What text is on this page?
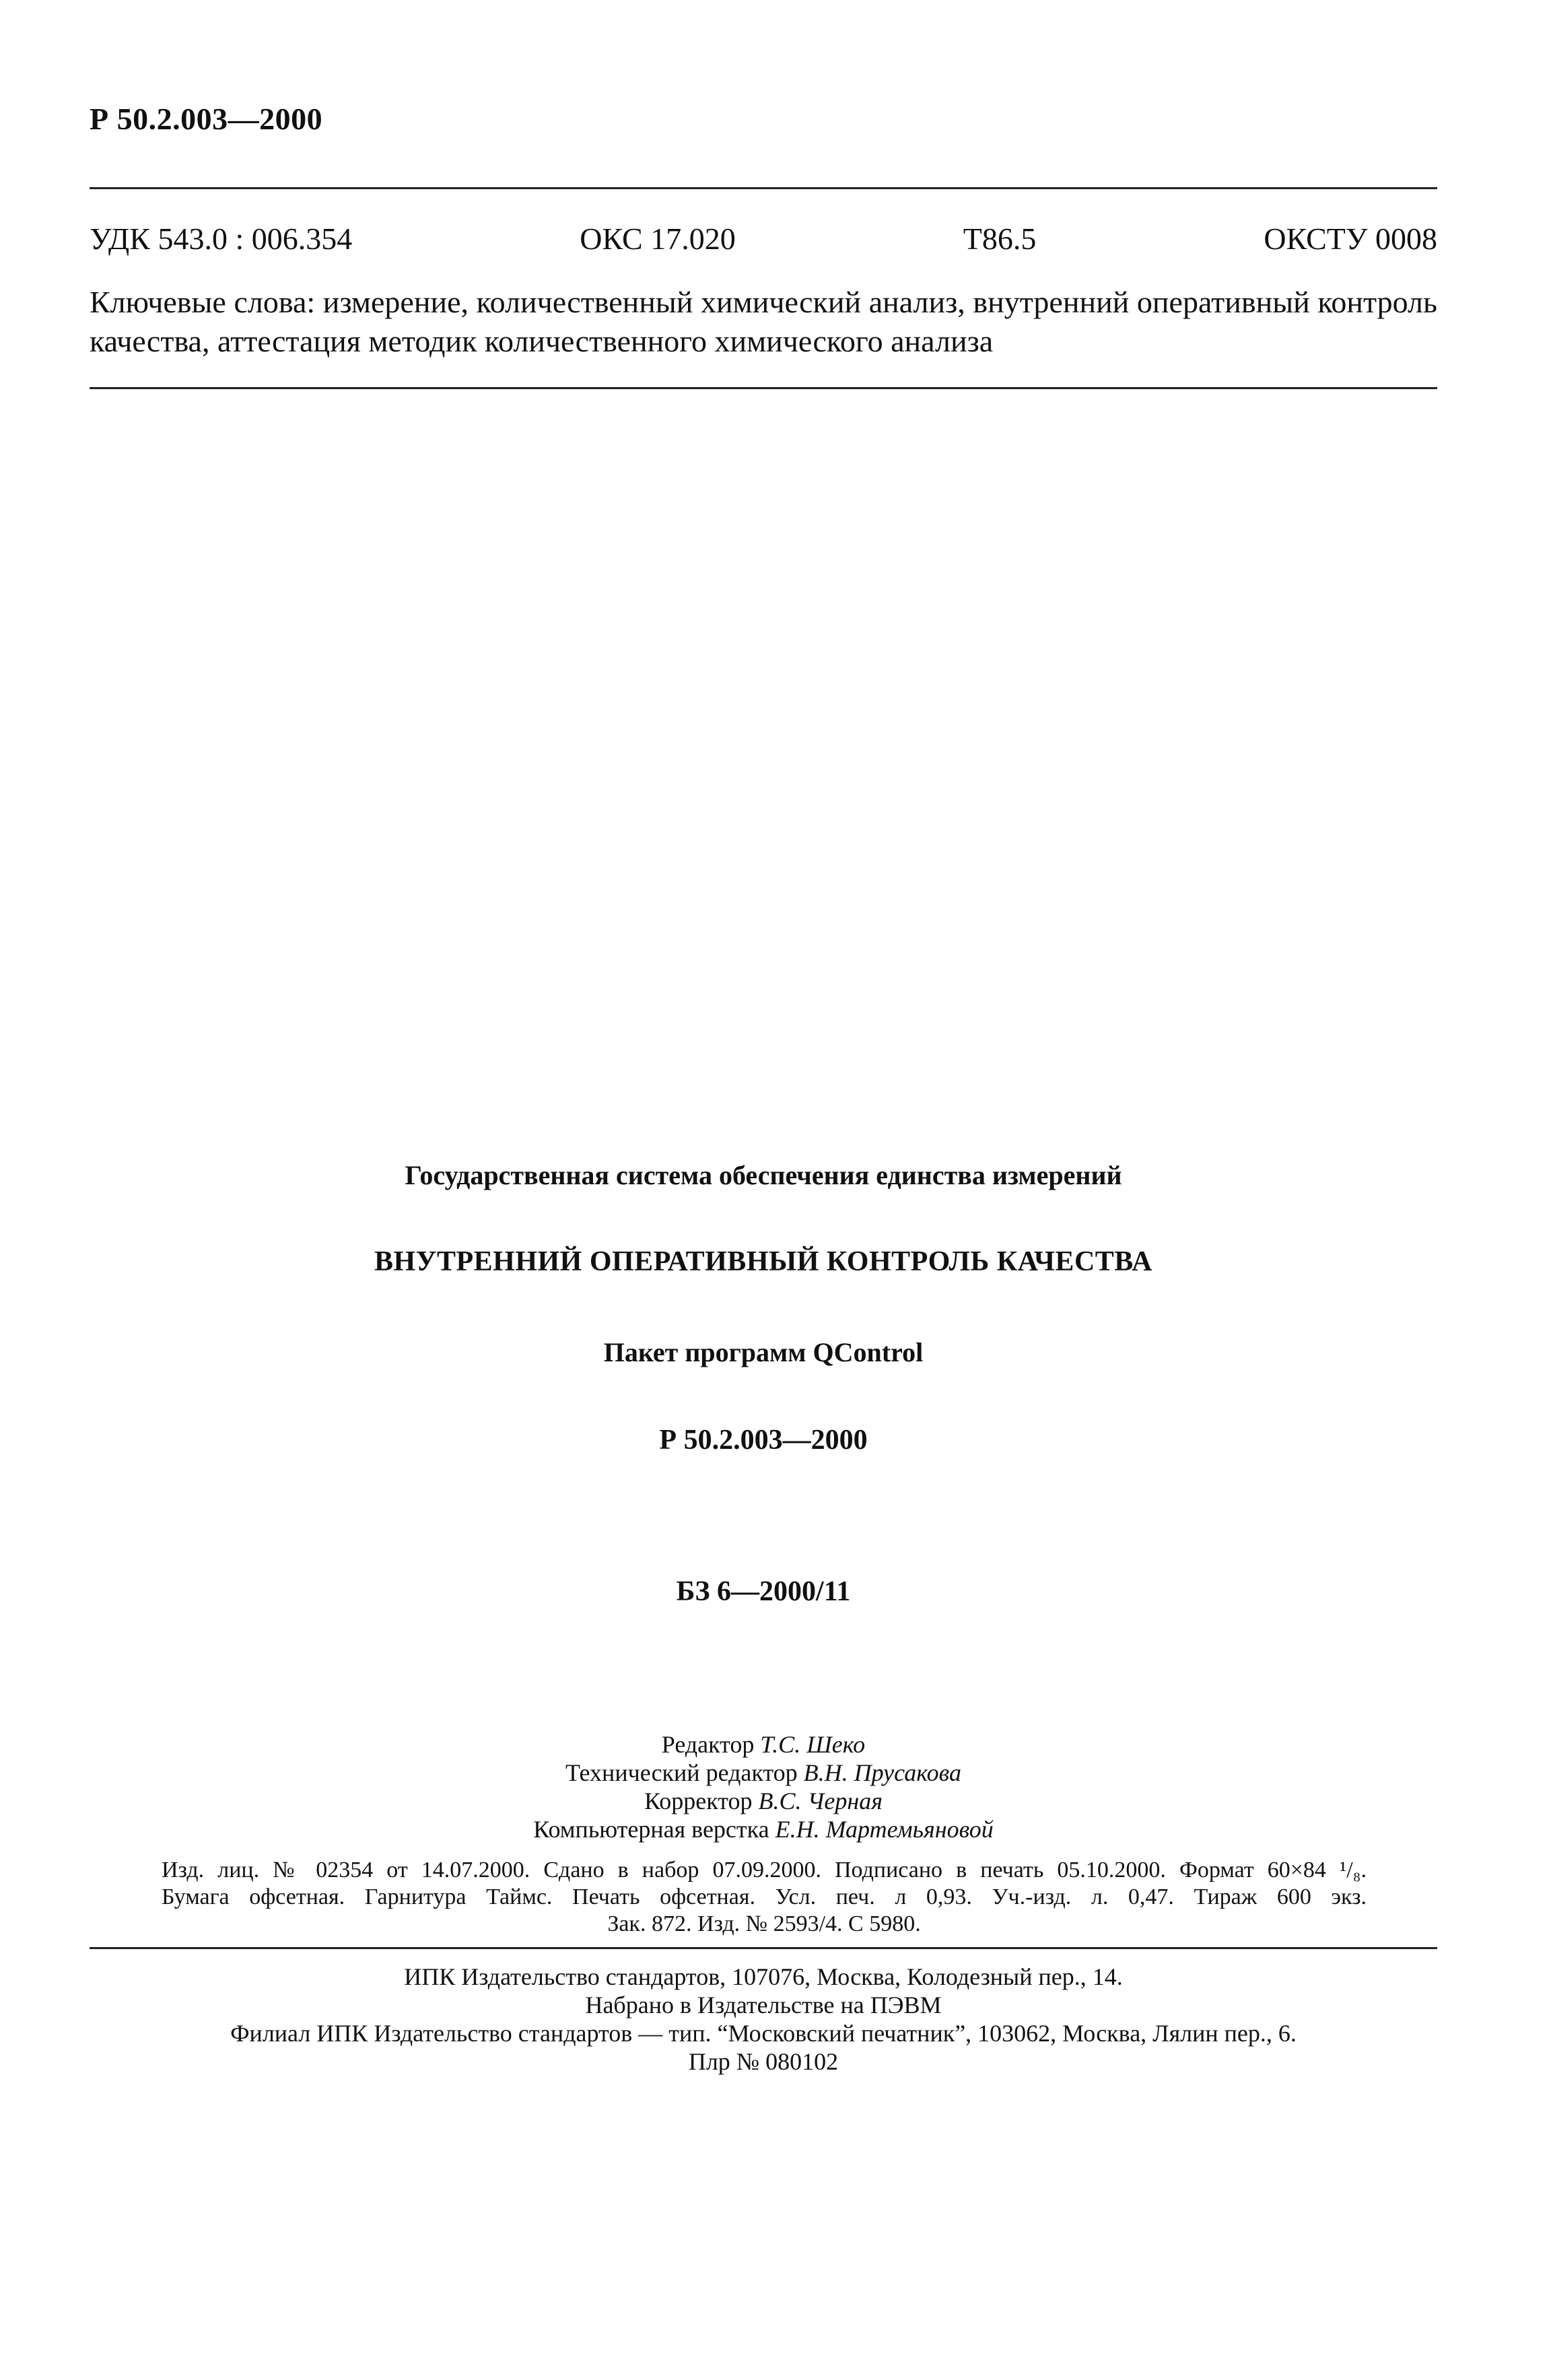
Р 50.2.003—2000
УДК 543.0 : 006.354	ОКС 17.020	Т86.5	ОКСТУ 0008
Ключевые слова: измерение, количественный химический анализ, внутренний оперативный контроль качества, аттестация методик количественного химического анализа
Государственная система обеспечения единства измерений
ВНУТРЕННИЙ ОПЕРАТИВНЫЙ КОНТРОЛЬ КАЧЕСТВА
Пакет программ QControl
Р 50.2.003—2000
БЗ 6—2000/11
Редактор Т.С. Шеко
Технический редактор В.Н. Прусакова
Корректор В.С. Черная
Компьютерная верстка Е.Н. Мартемьяновой
Изд. лиц. № 02354 от 14.07.2000. Сдано в набор 07.09.2000. Подписано в печать 05.10.2000. Формат 60×84 ¹/₈.
Бумага офсетная. Гарнитура Таймс. Печать офсетная. Усл. печ. л 0,93. Уч.-изд. л. 0,47. Тираж 600 экз.
Зак. 872. Изд. № 2593/4. С 5980.
ИПК Издательство стандартов, 107076, Москва, Колодезный пер., 14.
Набрано в Издательстве на ПЭВМ
Филиал ИПК Издательство стандартов — тип. “Московский печатник”, 103062, Москва, Лялин пер., 6.
Плр № 080102
